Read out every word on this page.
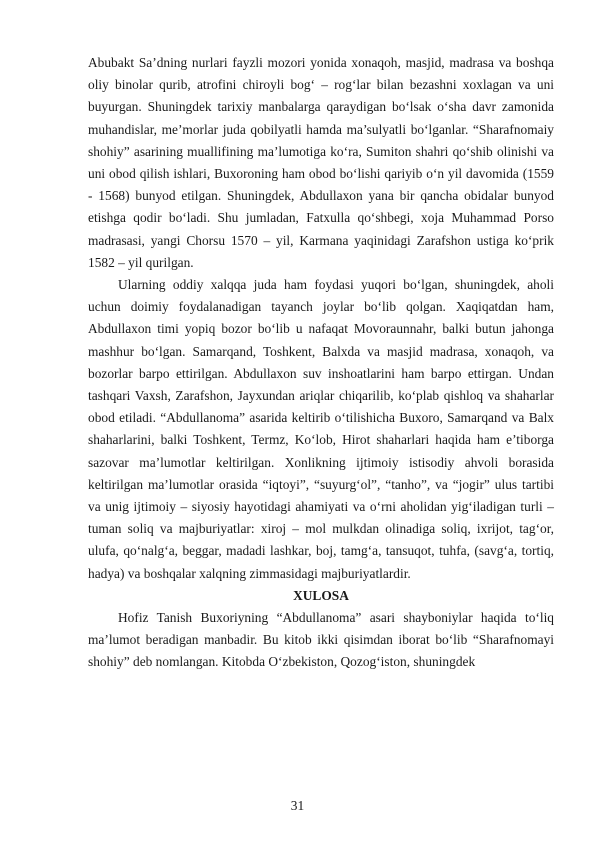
Abubakt Sa’dning nurlari fayzli mozori yonida xonaqoh, masjid, madrasa va boshqa oliy binolar qurib, atrofini chiroyli bog‘ – rog‘lar bilan bezashni xoxlagan va uni buyurgan. Shuningdek tarixiy manbalarga qaraydigan bo‘lsak o‘sha davr zamonida muhandislar, me’morlar juda qobilyatli hamda ma’sulyatli bo‘lganlar. “Sharafnomaiy shohiy” asarining muallifining ma’lumotiga ko‘ra, Sumiton shahri qo‘shib olinishi va uni obod qilish ishlari, Buxoroning ham obod bo‘lishi qariyib o‘n yil davomida (1559 - 1568) bunyod etilgan. Shuningdek, Abdullaxon yana bir qancha obidalar bunyod etishga qodir bo‘ladi. Shu jumladan, Fatxulla qo‘shbegi, xoja Muhammad Porso madrasasi, yangi Chorsu 1570 – yil, Karmana yaqinidagi Zarafshon ustiga ko‘prik 1582 – yil qurilgan.

Ularning oddiy xalqqa juda ham foydasi yuqori bo‘lgan, shuningdek, aholi uchun doimiy foydalanadigan tayanch joylar bo‘lib qolgan. Xaqiqatdan ham, Abdullaxon timi yopiq bozor bo‘lib u nafaqat Movoraunnahr, balki butun jahonga mashhur bo‘lgan. Samarqand, Toshkent, Balxda va masjid madrasa, xonaqoh, va bozorlar barpo ettirilgan. Abdullaxon suv inshoatlarini ham barpo ettirgan. Undan tashqari Vaxsh, Zarafshon, Jayxundan ariqlar chiqarilib, ko‘plab qishloq va shaharlar obod etiladi. “Abdullanoma” asarida keltirib o‘tilishicha Buxoro, Samarqand va Balx shaharlarini, balki Toshkent, Termz, Ko‘lob, Hirot shaharlari haqida ham e’tiborga sazovar ma’lumotlar keltirilgan. Xonlikning ijtimoiy istisodiy ahvoli borasida keltirilgan ma’lumotlar orasida “iqtoyi”, “suyurg‘ol”, “tanho”, va “jogir” ulus tartibi va unig ijtimoiy – siyosiy hayotidagi ahamiyati va o‘rni aholidan yig‘iladigan turli – tuman soliq va majburiyatlar: xiroj – mol mulkdan olinadiga soliq, ixrijot, tag‘or, ulufa, qo‘nalg‘a, beggar, madadi lashkar, boj, tamg‘a, tansuqot, tuhfa, (savg‘a, tortiq, hadya) va boshqalar xalqning zimmasidagi majburiyatlardir.

XULOSA

Hofiz Tanish Buxoriyning “Abdullanoma” asari shayboniylar haqida to‘liq ma’lumot beradigan manbadir. Bu kitob ikki qisimdan iborat bo‘lib “Sharafnomayi shohiy” deb nomlangan. Kitobda O‘zbekiston, Qozog‘iston, shuningdek

31
